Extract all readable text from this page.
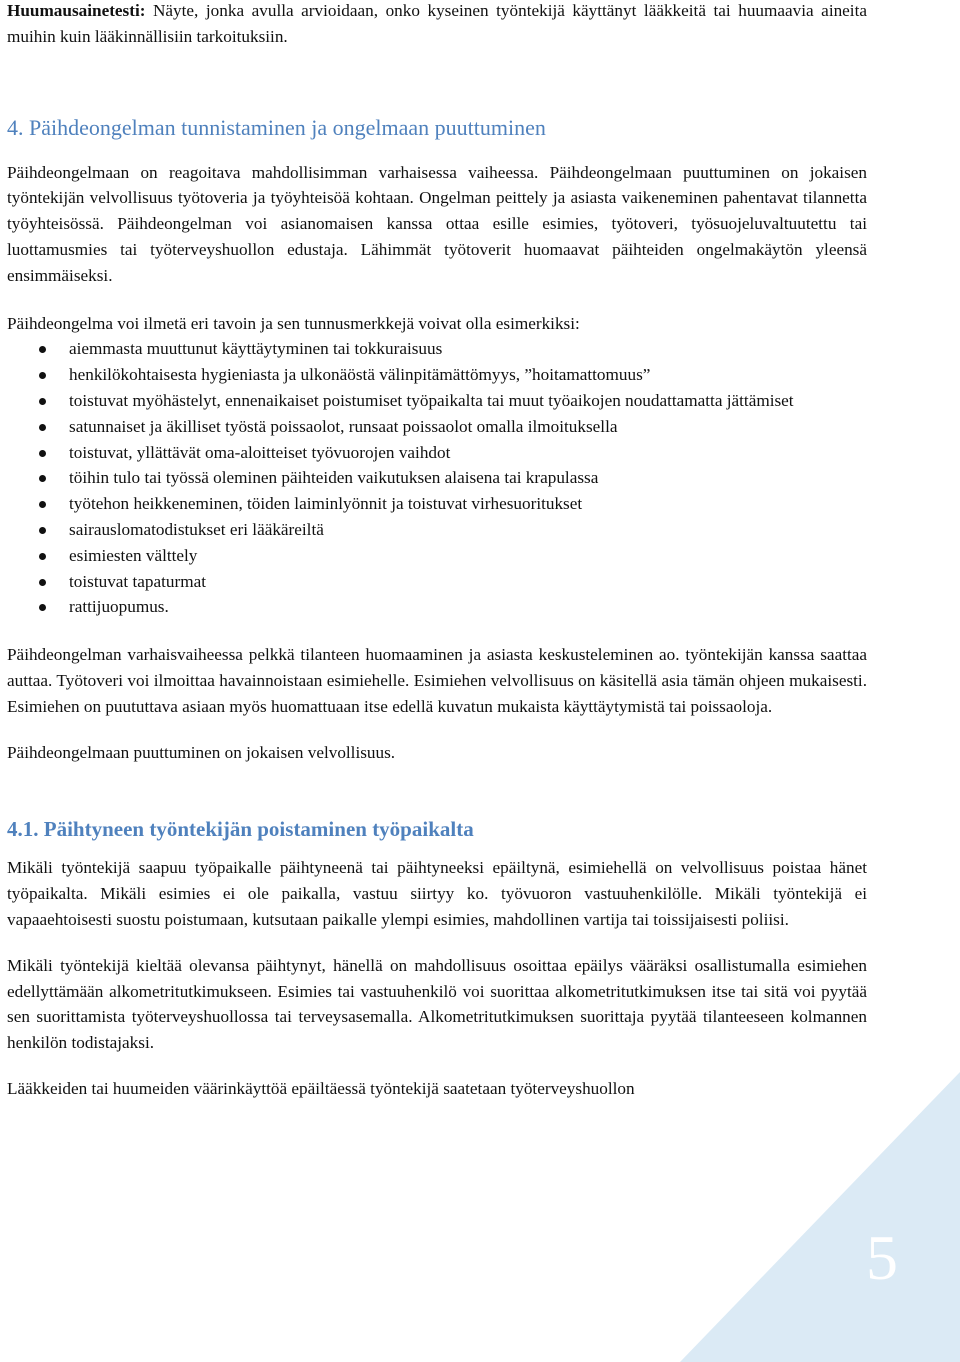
Huumausainetesti: Näyte, jonka avulla arvioidaan, onko kyseinen työntekijä käyttänyt lääkkeitä tai huumaavia aineita muihin kuin lääkinnällisiin tarkoituksiin.

4. Päihdeongelman tunnistaminen ja ongelmaan puuttuminen

Päihdeongelmaan on reagoitava mahdollisimman varhaisessa vaiheessa. Päihdeongelmaan puuttuminen on jokaisen työntekijän velvollisuus työtoveria ja työyhteisöä kohtaan. Ongelman peittely ja asiasta vaikeneminen pahentavat tilannetta työyhteisössä. Päihdeongelman voi asianomaisen kanssa ottaa esille esimies, työtoveri, työsuojeluvaltuutettu tai luottamusmies tai työterveyshuollon edustaja. Lähimmät työtoverit huomaavat päihteiden ongelmakäytön yleensä ensimmäiseksi.

Päihdeongelma voi ilmetä eri tavoin ja sen tunnusmerkkejä voivat olla esimerkiksi:

aiemmasta muuttunut käyttäytyminen tai tokkuraisuus
henkilökohtaisesta hygieniasta ja ulkonäöstä välinpitämättömyys, ”hoitamattomuus”
toistuvat myöhästelyt, ennenaikaiset poistumiset työpaikalta tai muut työaikojen noudattamatta jättämiset
satunnaiset ja äkilliset työstä poissaolot, runsaat poissaolot omalla ilmoituksella
toistuvat, yllättävät oma-aloitteiset työvuorojen vaihdot
töihin tulo tai työssä oleminen päihteiden vaikutuksen alaisena tai krapulassa
työtehon heikkeneminen, töiden laiminlyönnit ja toistuvat virhesuoritukset
sairauslomatodistukset eri lääkäreiltä
esimiesten välttely
toistuvat tapaturmat
rattijuopumus.

Päihdeongelman varhaisvaiheessa pelkkä tilanteen huomaaminen ja asiasta keskusteleminen ao. työntekijän kanssa saattaa auttaa. Työtoveri voi ilmoittaa havainnoistaan esimiehelle. Esimiehen velvollisuus on käsitellä asia tämän ohjeen mukaisesti. Esimiehen on puututtava asiaan myös huomattuaan itse edellä kuvatun mukaista käyttäytymistä tai poissaoloja.

Päihdeongelmaan puuttuminen on jokaisen velvollisuus.

4.1. Päihtyneen työntekijän poistaminen työpaikalta

Mikäli työntekijä saapuu työpaikalle päihtyneenä tai päihtyneeksi epäiltynä, esimiehellä on velvollisuus poistaa hänet työpaikalta. Mikäli esimies ei ole paikalla, vastuu siirtyy ko. työvuoron vastuuhenkilölle. Mikäli työntekijä ei vapaaehtoisesti suostu poistumaan, kutsutaan paikalle ylempi esimies, mahdollinen vartija tai toissijaisesti poliisi.

Mikäli työntekijä kieltää olevansa päihtynyt, hänellä on mahdollisuus osoittaa epäilys vääräksi osallistumalla esimiehen edellyttämään alkometritutkimukseen. Esimies tai vastuuhenkilö voi suorittaa alkometritutkimuksen itse tai sitä voi pyytää sen suorittamista työterveyshuollossa tai terveysasemalla. Alkometritutkimuksen suorittaja pyytää tilanteeseen kolmannen henkilön todistajaksi.

Lääkkeiden tai huumeiden väärinkäyttöä epäiltäessä työntekijä saatetaan työterveyshuollon

5
